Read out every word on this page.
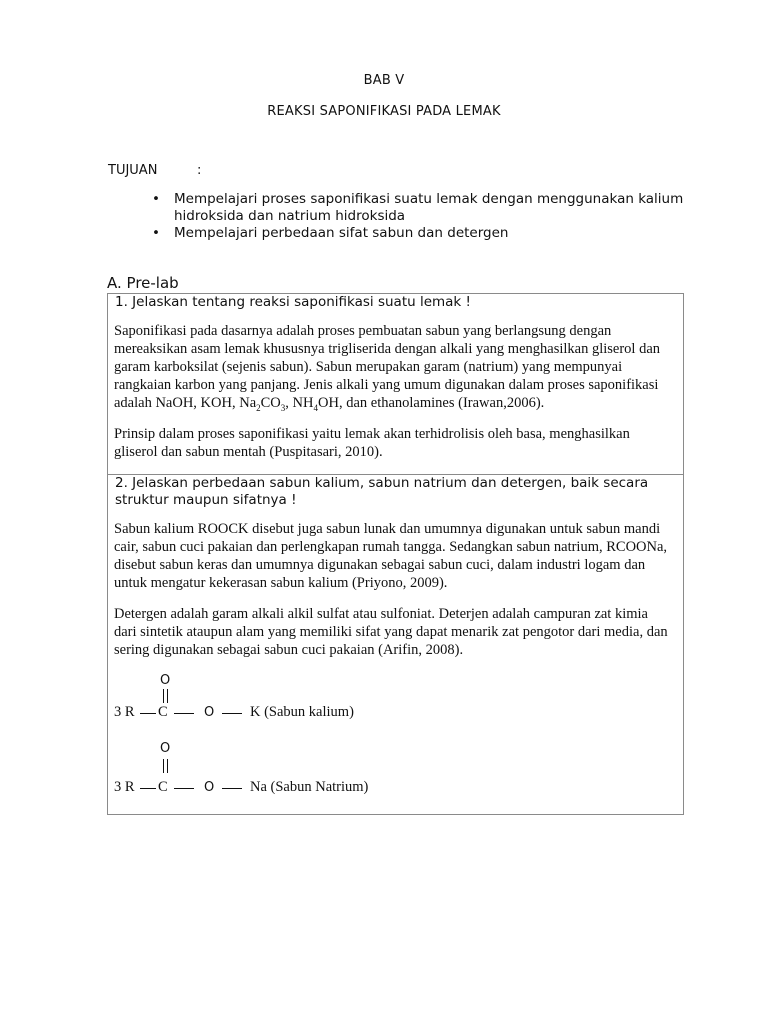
BAB V
REAKSI SAPONIFIKASI PADA LEMAK
TUJUAN	:
• Mempelajari proses saponifikasi suatu lemak dengan menggunakan kalium hidroksida dan natrium hidroksida
• Mempelajari perbedaan sifat sabun dan detergen
A. Pre-lab
1. Jelaskan tentang reaksi saponifikasi suatu lemak !
Saponifikasi pada dasarnya adalah proses pembuatan sabun yang berlangsung dengan mereaksikan asam lemak khususnya trigliserida dengan alkali yang menghasilkan gliserol dan garam karboksilat (sejenis sabun). Sabun merupakan garam (natrium) yang mempunyai rangkaian karbon yang panjang. Jenis alkali yang umum digunakan dalam proses saponifikasi adalah NaOH, KOH, $Na_2CO_3$, $NH_4OH$, dan ethanolamines (Irawan,2006).
Prinsip dalam proses saponifikasi yaitu lemak akan terhidrolisis oleh basa, menghasilkan gliserol dan sabun mentah (Puspitasari, 2010).
2. Jelaskan perbedaan sabun kalium, sabun natrium dan detergen, baik secara struktur maupun sifatnya !
Sabun kalium ROOCK disebut juga sabun lunak dan umumnya digunakan untuk sabun mandi cair, sabun cuci pakaian dan perlengkapan rumah tangga. Sedangkan sabun natrium, RCOONa, disebut sabun keras dan umumnya digunakan sebagai sabun cuci, dalam industri logam dan untuk mengatur kekerasan sabun kalium (Priyono, 2009).
Detergen adalah garam alkali alkil sulfat atau sulfoniat. Deterjen adalah campuran zat kimia dari sintetik ataupun alam yang memiliki sifat yang dapat menarik zat pengotor dari media, dan sering digunakan sebagai sabun cuci pakaian (Arifin, 2008).
O
3 R C	O K (Sabun kalium)
O
3 R C	O Na (Sabun Natrium)
